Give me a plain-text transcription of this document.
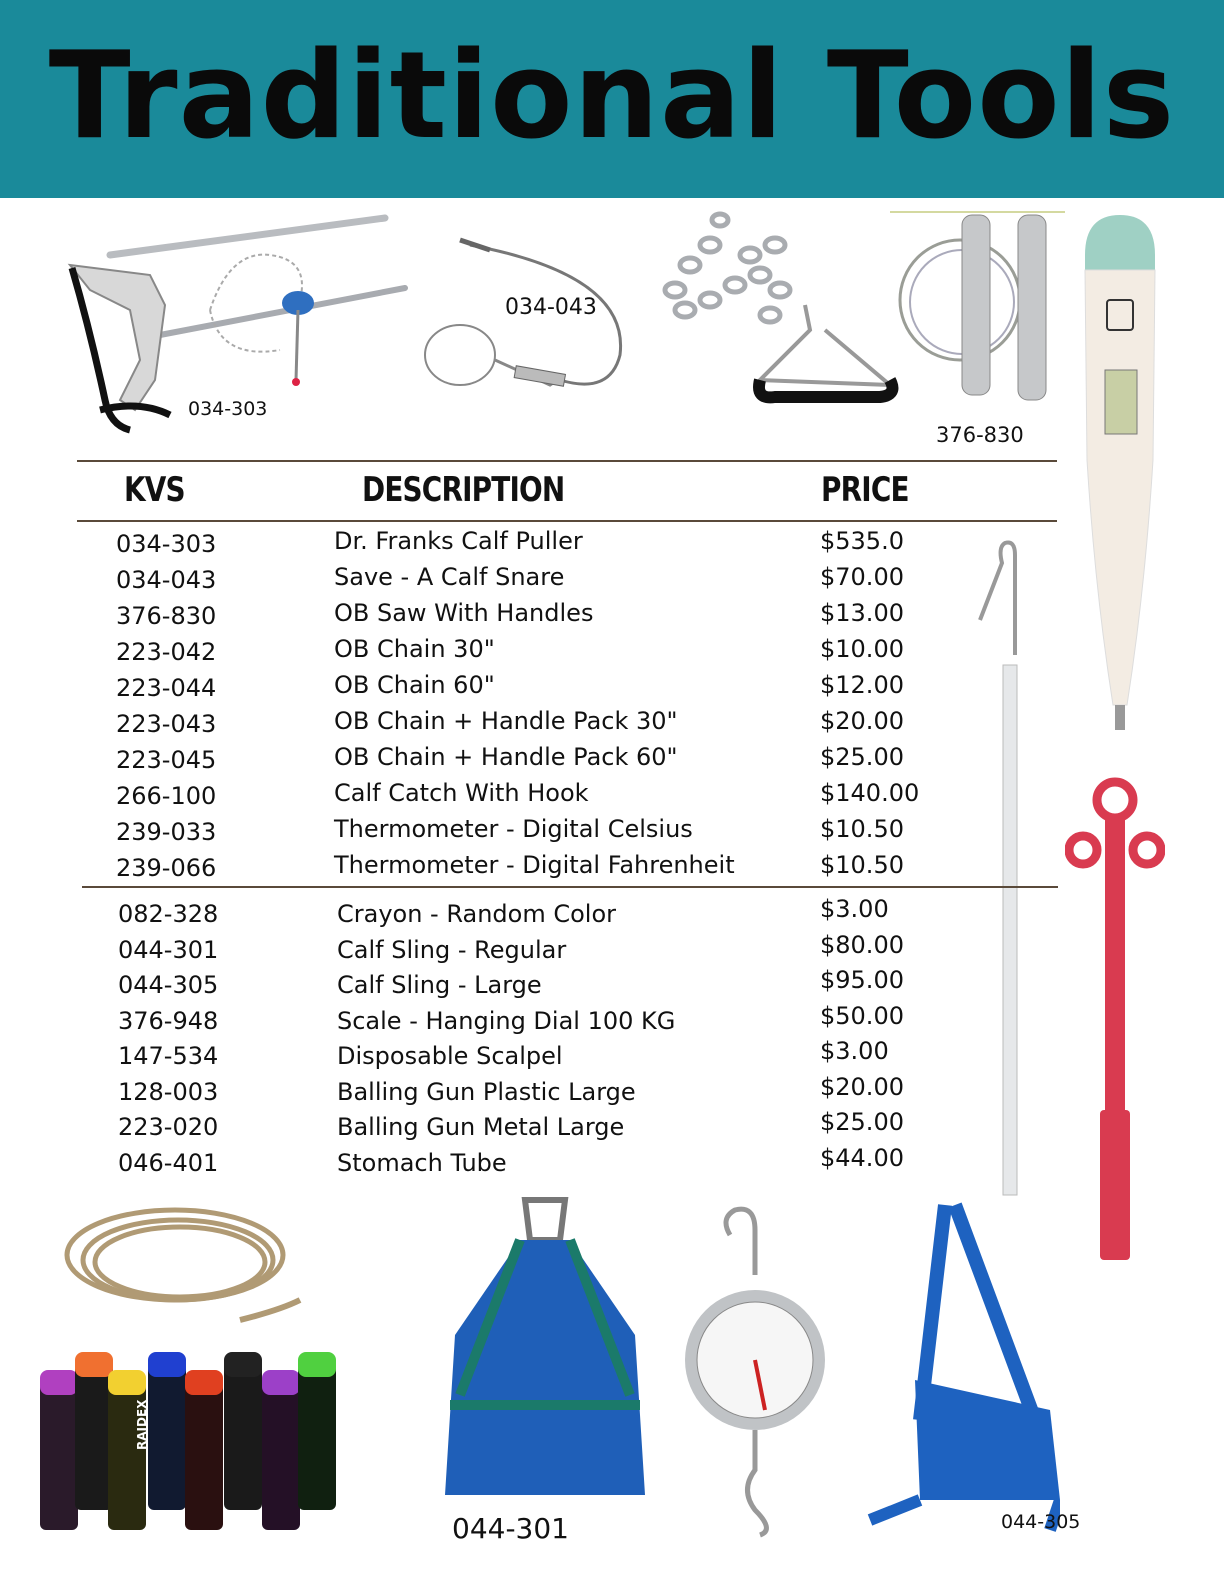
Traditional Tools
034-303
034-043
376-830
KVS	DESCRIPTION	PRICE
034-303	Dr. Franks Calf Puller	$535.0
034-043	Save - A Calf Snare	$70.00
376-830	OB Saw With Handles	$13.00
223-042	OB Chain 30"	$10.00
223-044	OB Chain 60"	$12.00
223-043	OB Chain + Handle Pack 30"	$20.00
223-045	OB Chain + Handle Pack 60"	$25.00
266-100	Calf Catch With Hook	$140.00
239-033	Thermometer - Digital Celsius	$10.50
239-066	Thermometer - Digital Fahrenheit	$10.50
082-328	Crayon - Random Color	$3.00
044-301	Calf Sling - Regular	$80.00
044-305	Calf Sling - Large	$95.00
376-948	Scale - Hanging Dial 100 KG	$50.00
147-534	Disposable Scalpel	$3.00
128-003	Balling Gun Plastic Large	$20.00
223-020	Balling Gun Metal Large	$25.00
046-401	Stomach Tube	$44.00
RAIDEX
044-301	044-305
